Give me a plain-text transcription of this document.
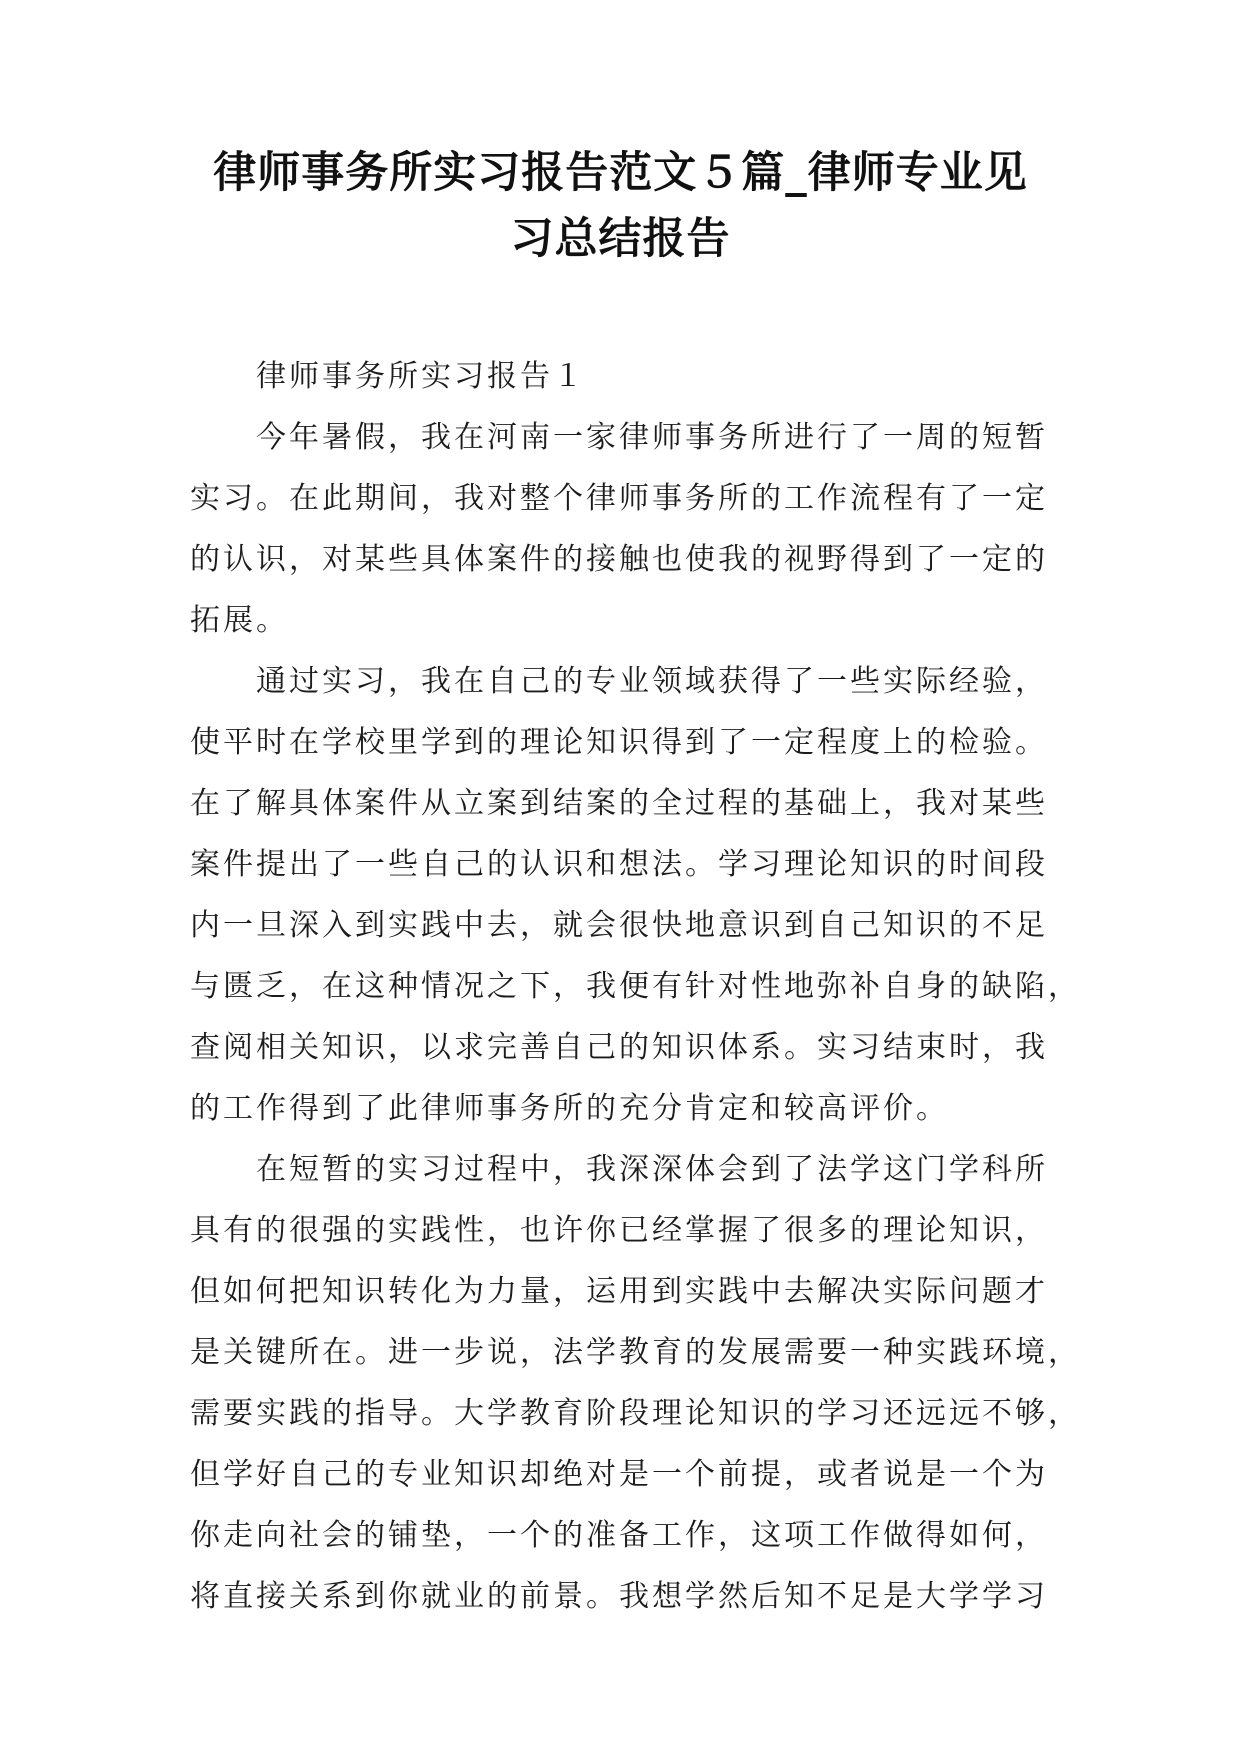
律师事务所实习报告范文５篇_律师专业见
习总结报告
律师事务所实习报告１
今年暑假，我在河南一家律师事务所进行了一周的短暂
实习。在此期间，我对整个律师事务所的工作流程有了一定
的认识，对某些具体案件的接触也使我的视野得到了一定的
拓展。
通过实习，我在自己的专业领域获得了一些实际经验，
使平时在学校里学到的理论知识得到了一定程度上的检验。
在了解具体案件从立案到结案的全过程的基础上，我对某些
案件提出了一些自己的认识和想法。学习理论知识的时间段
内一旦深入到实践中去，就会很快地意识到自己知识的不足
与匮乏，在这种情况之下，我便有针对性地弥补自身的缺陷，
查阅相关知识，以求完善自己的知识体系。实习结束时，我
的工作得到了此律师事务所的充分肯定和较高评价。
在短暂的实习过程中，我深深体会到了法学这门学科所
具有的很强的实践性，也许你已经掌握了很多的理论知识，
但如何把知识转化为力量，运用到实践中去解决实际问题才
是关键所在。进一步说，法学教育的发展需要一种实践环境，
需要实践的指导。大学教育阶段理论知识的学习还远远不够，
但学好自己的专业知识却绝对是一个前提，或者说是一个为
你走向社会的铺垫，一个的准备工作，这项工作做得如何，
将直接关系到你就业的前景。我想学然后知不足是大学学习
